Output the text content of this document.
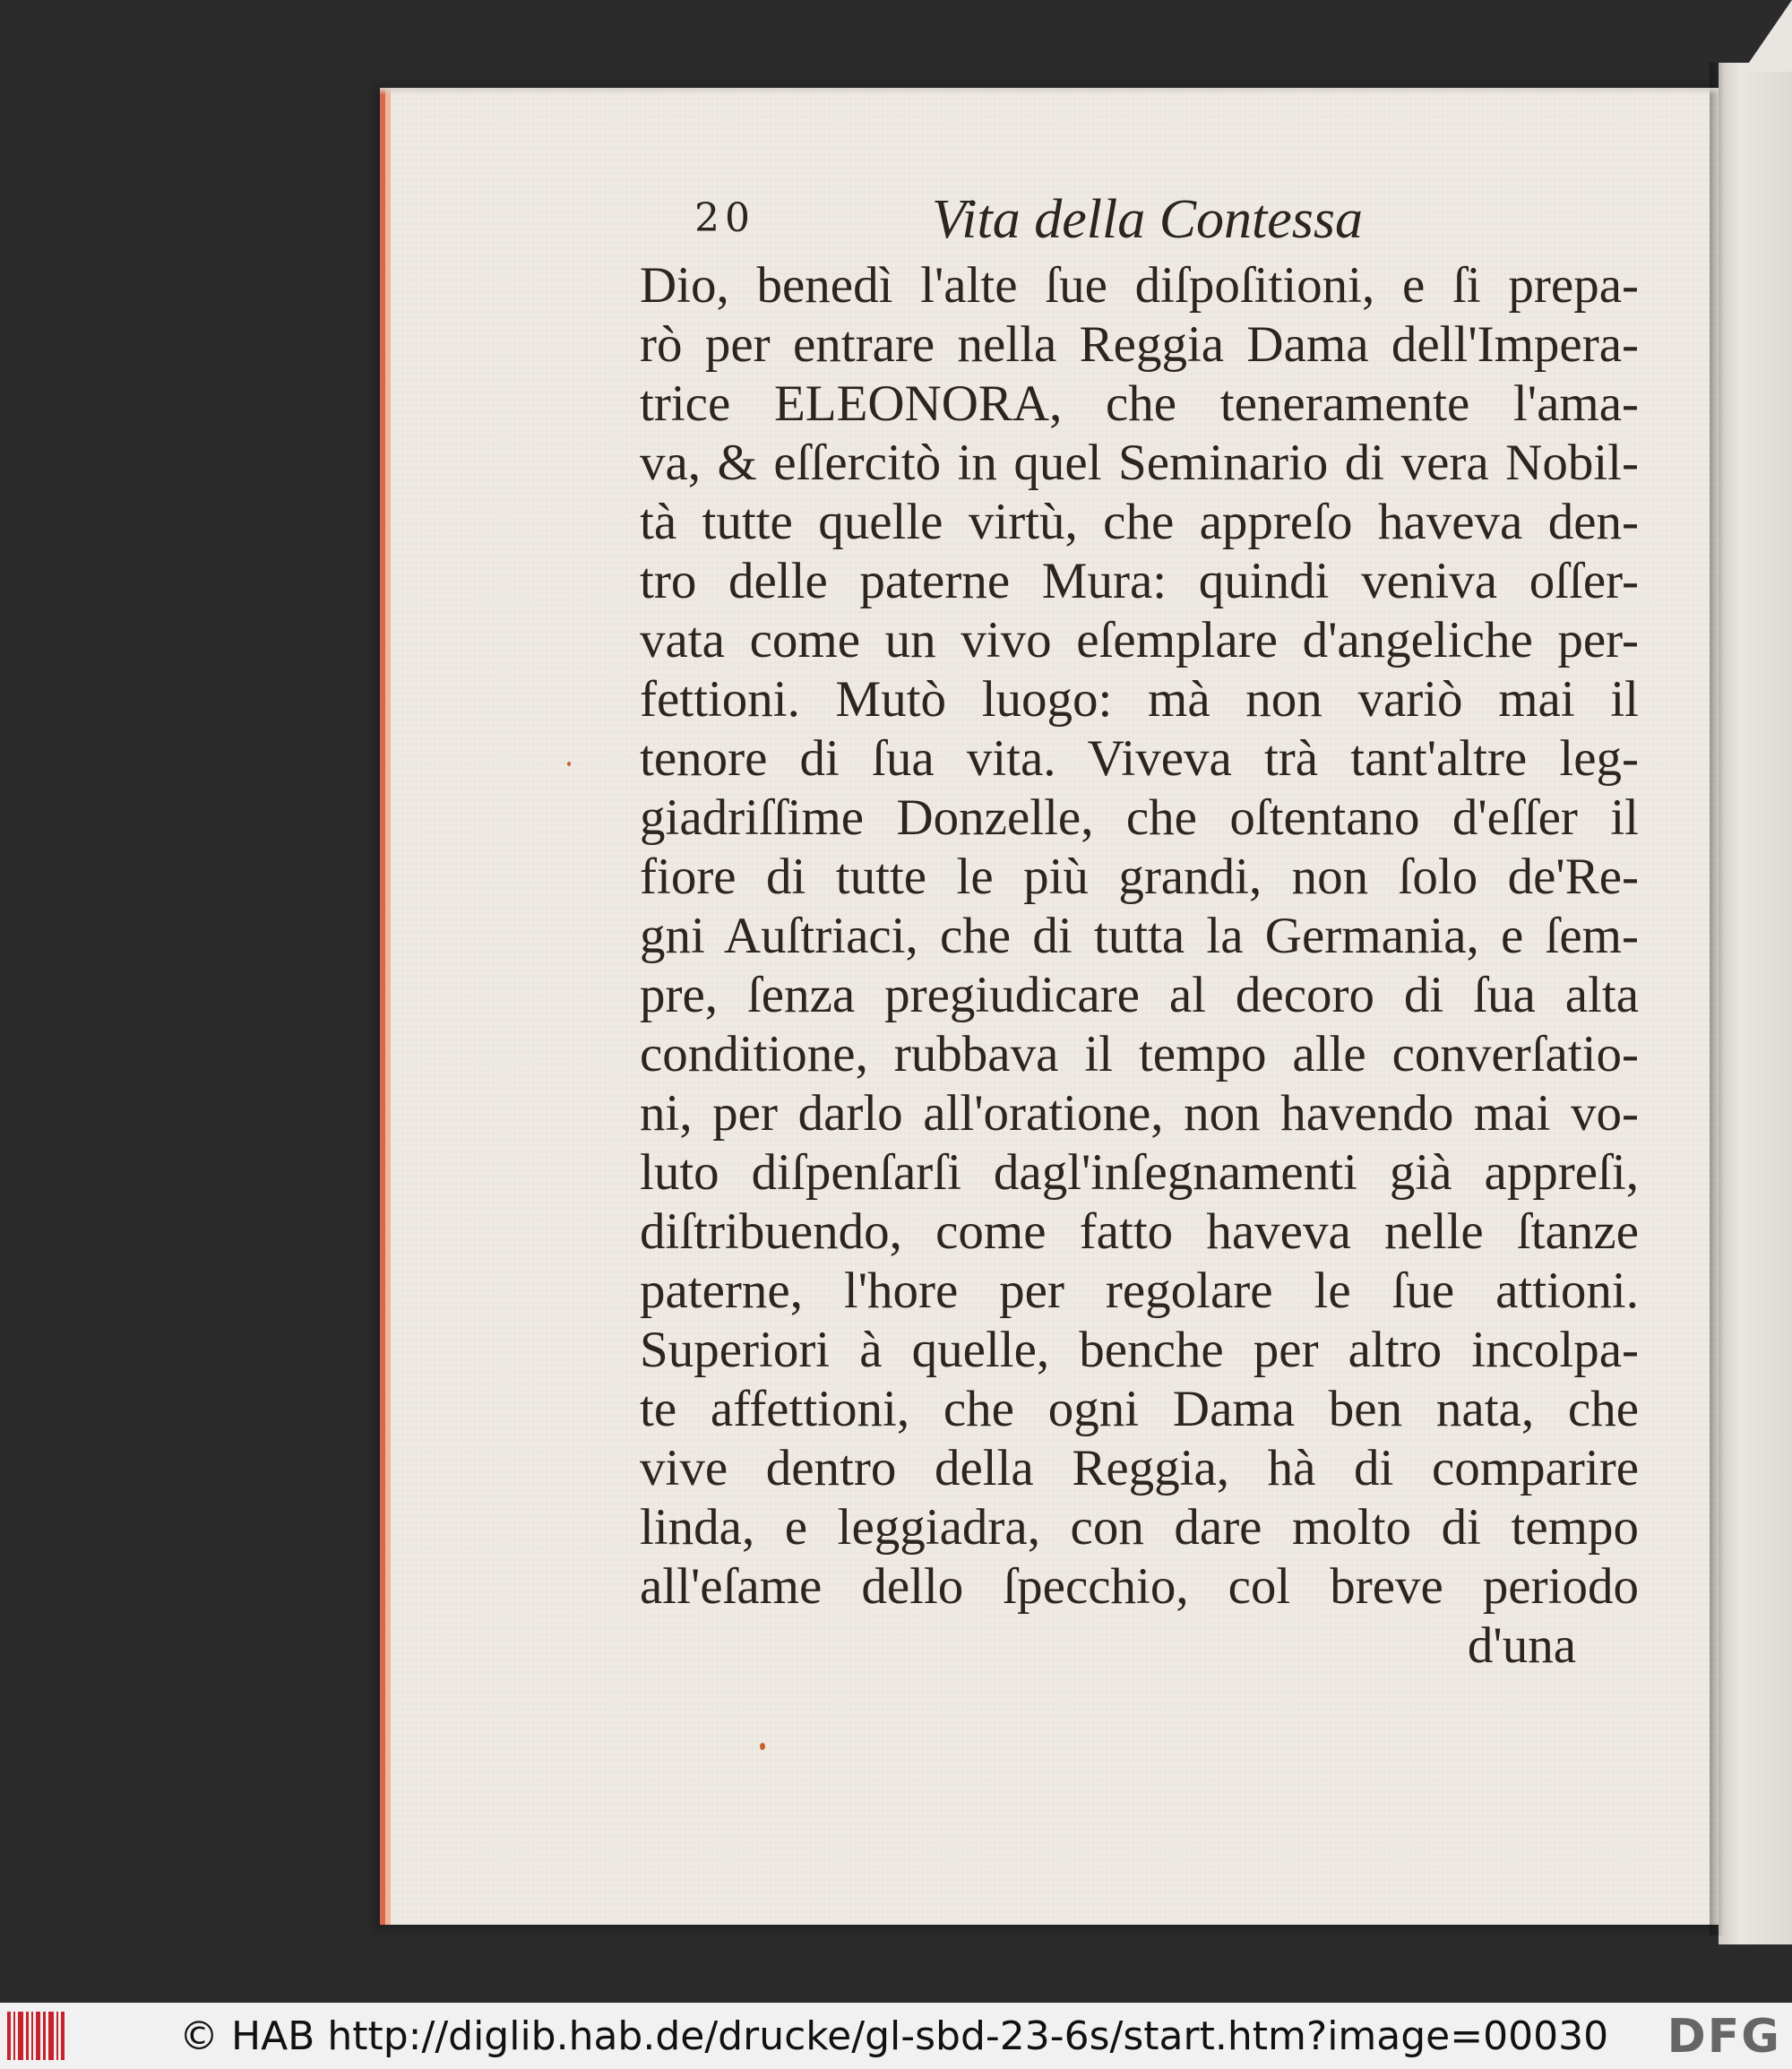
20	Vita della Contessa
Dio, benedì l'alte ſue diſpoſitioni, e ſi prepa-
rò per entrare nella Reggia Dama dell'Impera-
trice ELEONORA, che teneramente l'ama-
va, & eſſercitò in quel Seminario di vera Nobil-
tà tutte quelle virtù, che appreſo haveva den-
tro delle paterne Mura: quindi veniva oſſer-
vata come un vivo eſemplare d'angeliche per-
fettioni. Mutò luogo: mà non variò mai il
tenore di ſua vita. Viveva trà tant'altre leg-
giadriſſime Donzelle, che oſtentano d'eſſer il
fiore di tutte le più grandi, non ſolo de'Re-
gni Auſtriaci, che di tutta la Germania, e ſem-
pre, ſenza pregiudicare al decoro di ſua alta
conditione, rubbava il tempo alle converſatio-
ni, per darlo all'oratione, non havendo mai vo-
luto diſpenſarſi dagl'inſegnamenti già appreſi,
diſtribuendo, come fatto haveva nelle ſtanze
paterne, l'hore per regolare le ſue attioni.
Superiori à quelle, benche per altro incolpa-
te affettioni, che ogni Dama ben nata, che
vive dentro della Reggia, hà di comparire
linda, e leggiadra, con dare molto di tempo
all'eſame dello ſpecchio, col breve periodo
d'una
© HAB http://diglib.hab.de/drucke/gl-sbd-23-6s/start.htm?image=00030 DFG
